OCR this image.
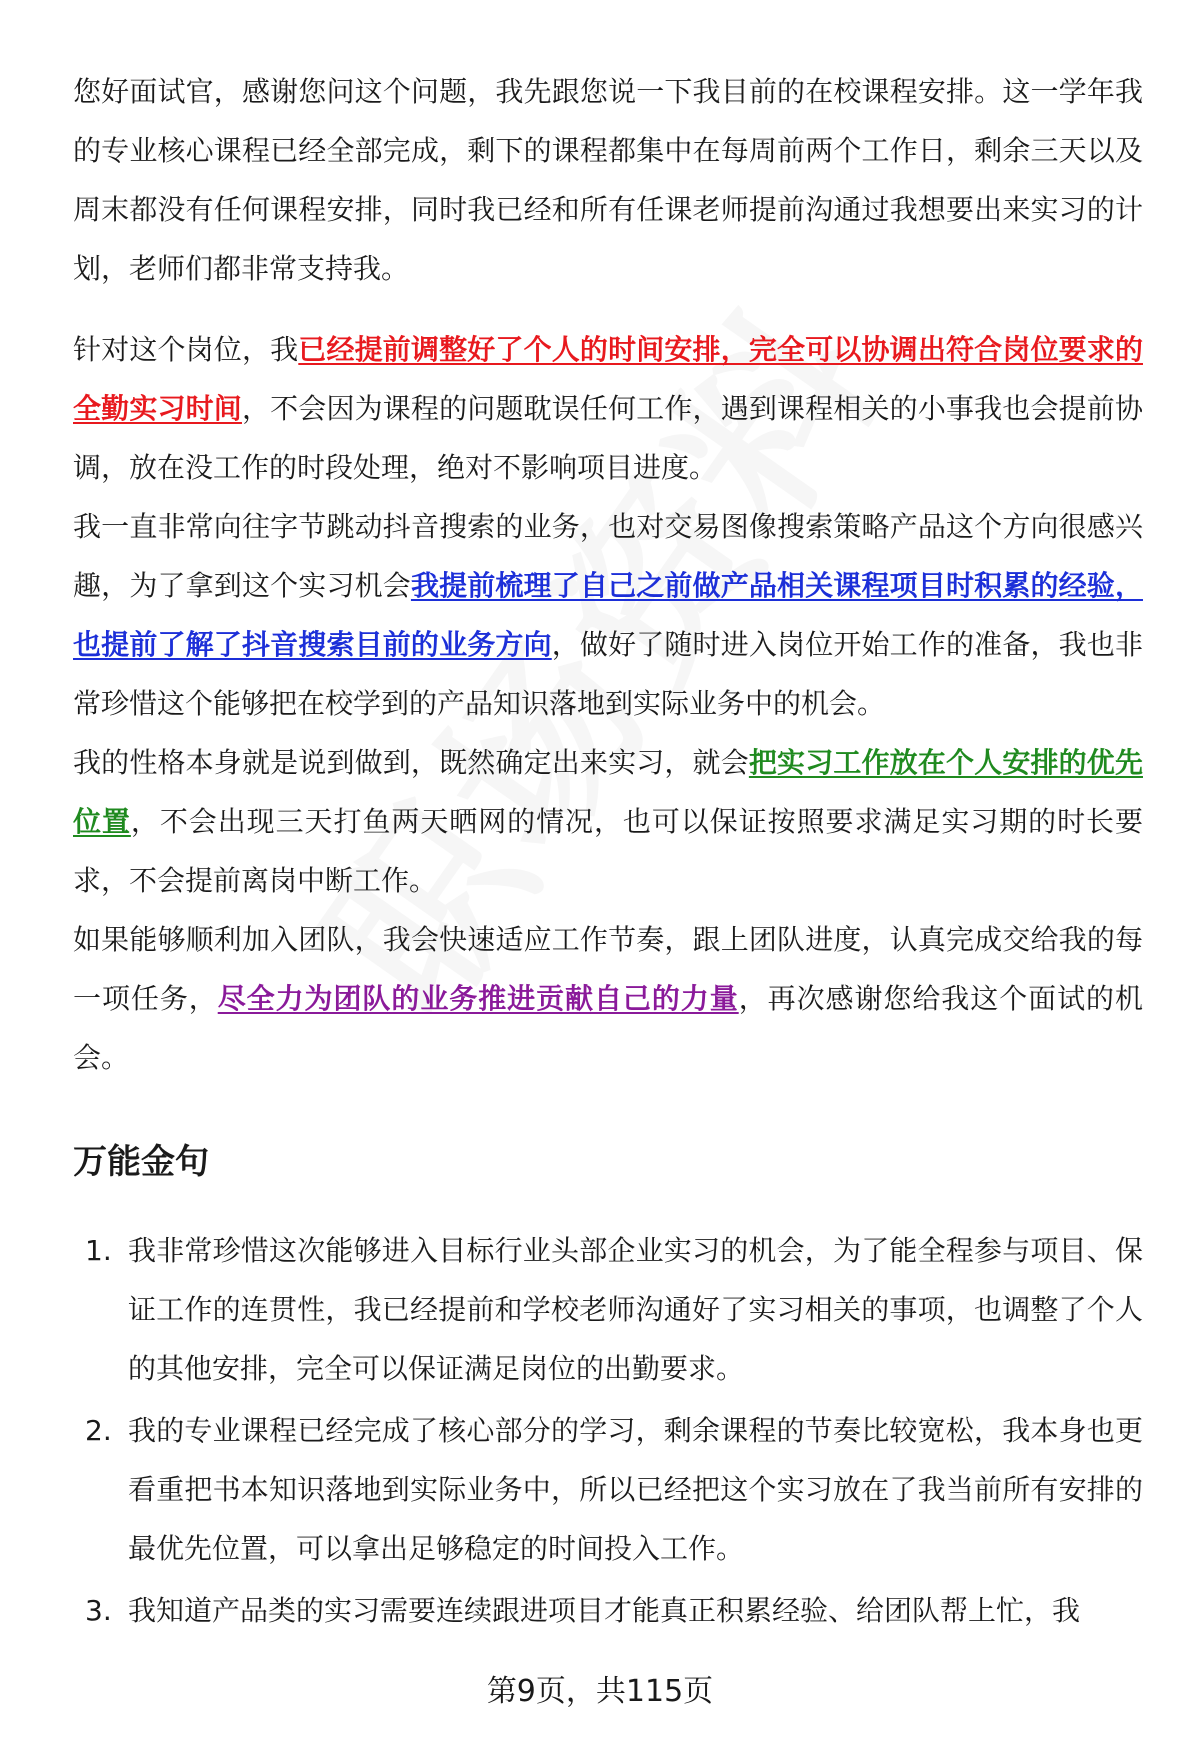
您好面试官，感谢您问这个问题，我先跟您说一下我目前的在校课程安排。这一学年我的专业核心课程已经全部完成，剩下的课程都集中在每周前两个工作日，剩余三天以及周末都没有任何课程安排，同时我已经和所有任课老师提前沟通过我想要出来实习的计划，老师们都非常支持我。

针对这个岗位，我已经提前调整好了个人的时间安排，完全可以协调出符合岗位要求的全勤实习时间，不会因为课程的问题耽误任何工作，遇到课程相关的小事我也会提前协调，放在没工作的时段处理，绝对不影响项目进度。

我一直非常向往字节跳动抖音搜索的业务，也对交易图像搜索策略产品这个方向很感兴趣，为了拿到这个实习机会我提前梳理了自己之前做产品相关课程项目时积累的经验，也提前了解了抖音搜索目前的业务方向，做好了随时进入岗位开始工作的准备，我也非常珍惜这个能够把在校学到的产品知识落地到实际业务中的机会。

我的性格本身就是说到做到，既然确定出来实习，就会把实习工作放在个人安排的优先位置，不会出现三天打鱼两天晒网的情况，也可以保证按照要求满足实习期的时长要求，不会提前离岗中断工作。

如果能够顺利加入团队，我会快速适应工作节奏，跟上团队进度，认真完成交给我的每一项任务，尽全力为团队的业务推进贡献自己的力量，再次感谢您给我这个面试的机会。

万能金句
1. 我非常珍惜这次能够进入目标行业头部企业实习的机会，为了能全程参与项目、保证工作的连贯性，我已经提前和学校老师沟通好了实习相关的事项，也调整了个人的其他安排，完全可以保证满足岗位的出勤要求。
2. 我的专业课程已经完成了核心部分的学习，剩余课程的节奏比较宽松，我本身也更看重把书本知识落地到实际业务中，所以已经把这个实习放在了我当前所有安排的最优先位置，可以拿出足够稳定的时间投入工作。
3. 我知道产品类的实习需要连续跟进项目才能真正积累经验、给团队帮上忙，我
第9页，共115页
